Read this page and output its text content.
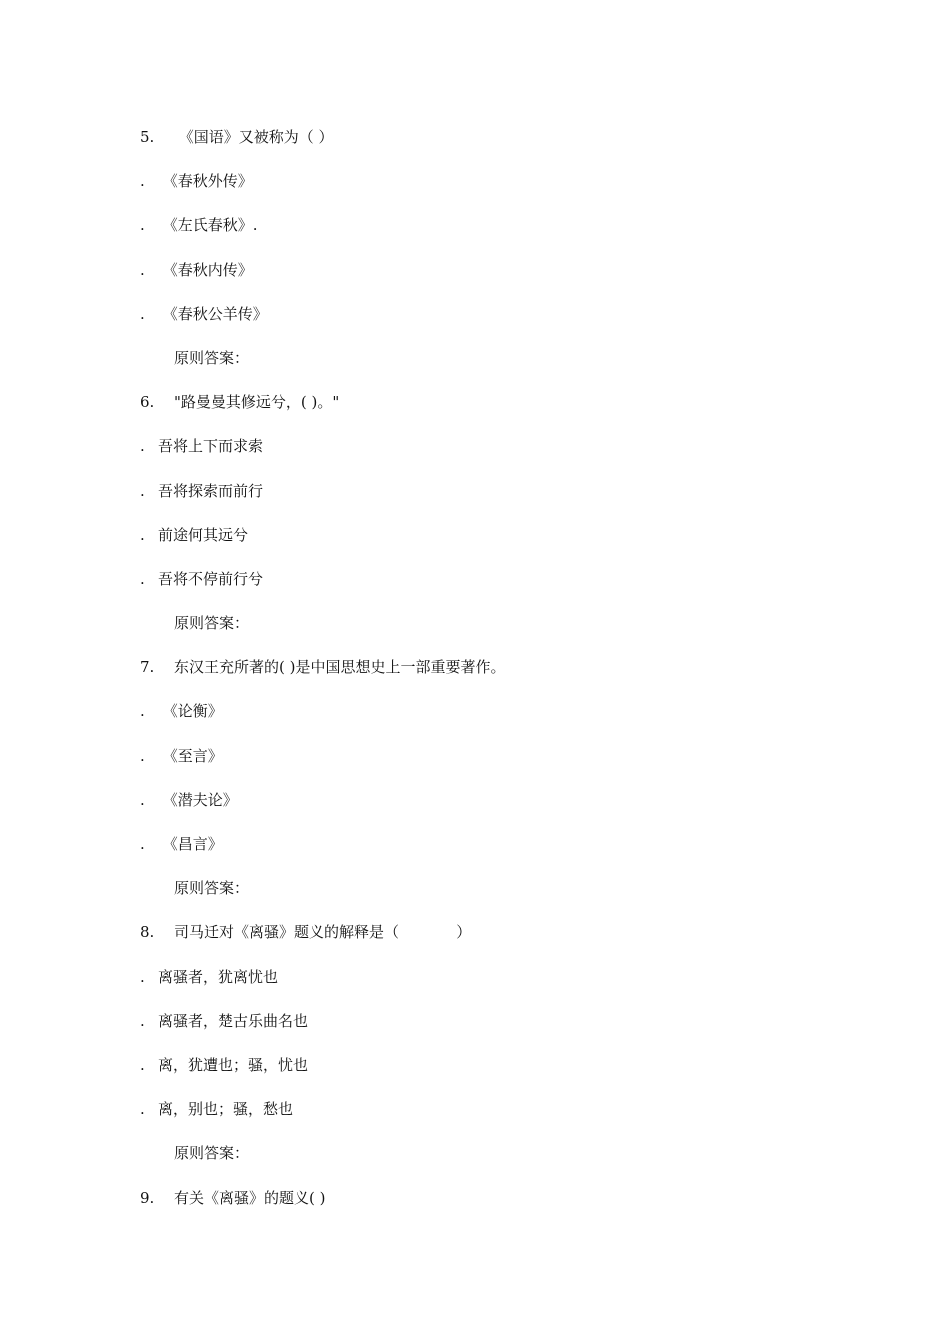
5. 《国语》又被称为（ ）
. 《春秋外传》
. 《左氏春秋》.
. 《春秋内传》
. 《春秋公羊传》
原则答案：
6. "路曼曼其修远兮，( )。"
. 吾将上下而求索
. 吾将探索而前行
. 前途何其远兮
. 吾将不停前行兮
原则答案：
7. 东汉王充所著的( )是中国思想史上一部重要著作。
. 《论衡》
. 《至言》
. 《潜夫论》
. 《昌言》
原则答案：
8. 司马迁对《离骚》题义的解释是（            ）
. 离骚者，犹离忧也
. 离骚者，楚古乐曲名也
. 离，犹遭也；骚，忧也
. 离，别也；骚，愁也
原则答案：
9. 有关《离骚》的题义( )
